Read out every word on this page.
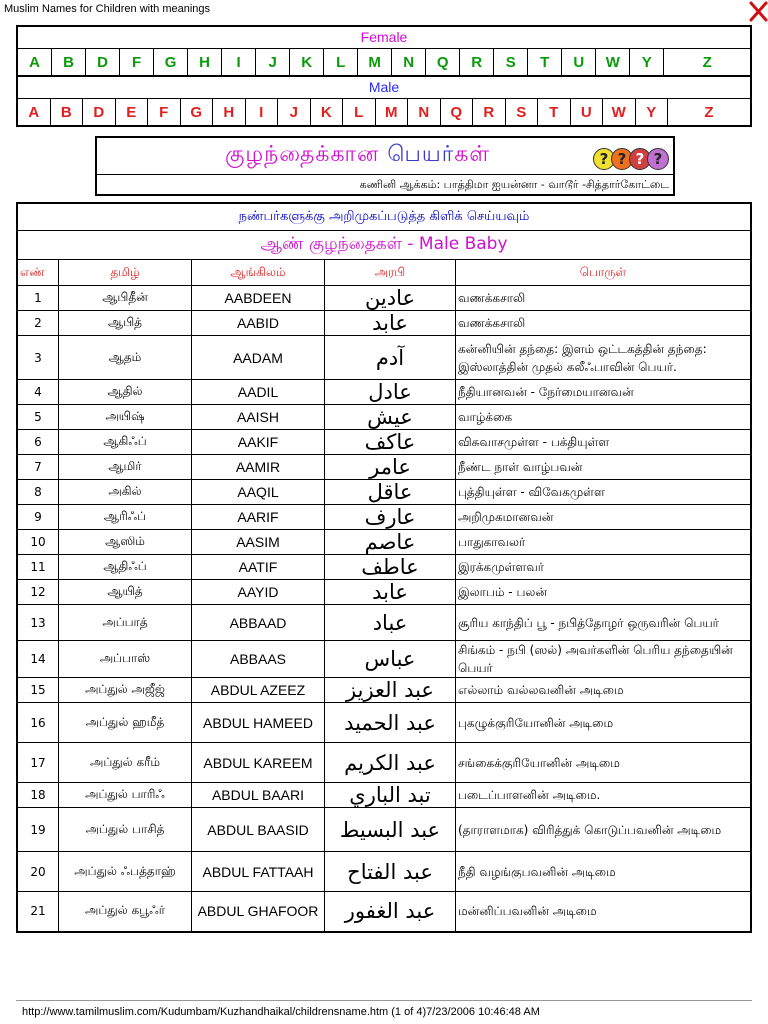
Muslim Names for Children with meanings
Female
A	B	D	F	G	H	I	J	K	L	M	N	Q	R	S	T	U	W	Y	Z
Male
A	B	D	E	F	G	H	I	J	K	L	M	N	Q	R	S	T	U	W	Y	Z
குழந்தைக்கான பெயர்கள்	? ? ? ?
கணினி ஆக்கம்: பாத்திமா ஐயன்னா - வாடூர் -சித்தார்கோட்டை
நண்பர்களுக்கு அறிமுகப்படுத்த கிளிக் செய்யவும்				
ஆண் குழந்தைகள் - Male Baby				
எண்	தமிழ்	ஆங்கிலம்	அரபி	பொருள்
1	ஆபிதீன்	AABDEEN	عادين	வணக்கசாலி
2	ஆபித்	AABID	عابد	வணக்கசாலி
3	ஆதம்	AADAM	آدم	கன்னியின் தந்தை: இளம் ஒட்டகத்தின் தந்தை: இஸ்லாத்தின் முதல் கலீஃபாவின் பெயர்.
4	ஆதில்	AADIL	عادل	நீதியானவன் - நேர்மையானவன்
5	அயிஷ்	AAISH	عيش	வாழ்க்கை
6	ஆகிஃப்	AAKIF	عاكف	விசுவாசமுள்ள - பக்தியுள்ள
7	ஆமிர்	AAMIR	عامر	நீண்ட நாள் வாழ்பவன்
8	அகில்	AAQIL	عاقل	புத்தியுள்ள - விவேகமுள்ள
9	ஆரிஃப்	AARIF	عارف	அறிமுகமானவன்
10	ஆஸிம்	AASIM	عاصم	பாதுகாவலர்
11	ஆதிஃப்	AATIF	عاطف	இரக்கமுள்ளவர்
12	ஆயித்	AAYID	عابد	இலாபம் - பலன்
13	அப்பாத்	ABBAAD	عباد	சூரிய காந்திப் பூ - நபித்தோழர் ஒருவரின் பெயர்
14	அப்பாஸ்	ABBAAS	عباس	சிங்கம் - நபி (ஸல்) அவர்களின் பெரிய தந்தையின் பெயர்
15	அப்துல் அஜீஜ்	ABDUL AZEEZ	عبد العزيز	எல்லாம் வல்லவனின் அடிமை
16	அப்துல் ஹமீத்	ABDUL HAMEED	عبد الحميد	புகழுக்குரியோனின் அடிமை
17	அப்துல் கரீம்	ABDUL KAREEM	عبد الكريم	சங்கைக்குரியோனின் அடிமை
18	அப்துல் பாரிஃ	ABDUL BAARI	تبد الباري	படைப்பாளனின் அடிமை.
19	அப்துல் பாசித்	ABDUL BAASID	عبد البسيط	(தாராளமாக) விரித்துக் கொடுப்பவனின் அடிமை
20	அப்துல் ஃபத்தாஹ்	ABDUL FATTAAH	عبد الفتاح	நீதி வழங்குபவனின் அடிமை
21	அப்துல் கபூஃர்	ABDUL GHAFOOR	عبد الغفور	மன்னிப்பவனின் அடிமை
http://www.tamilmuslim.com/Kudumbam/Kuzhandhaikal/childrensname.htm (1 of 4)7/23/2006 10:46:48 AM
